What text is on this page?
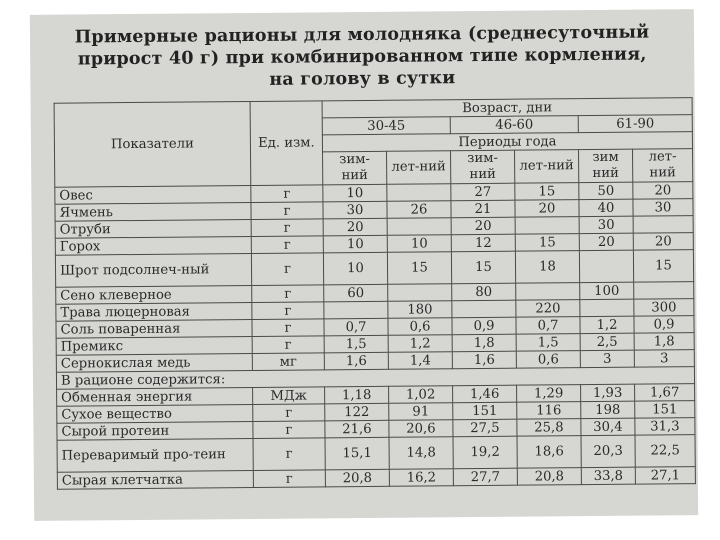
Примерные рационы для молодняка (среднесуточный
прирост 40 г) при комбинированном типе кормления,
на голову в сутки
Показатели	Ед. изм.	Возраст, дни					
		30-45		46-60		61-90	
		Периоды года					
		зим-ний	лет-ний	зим-ний	лет-ний	зим ний	лет-ний
Овес	г	10		27	15	50	20
Ячмень	г	30	26	21	20	40	30
Отруби	г	20		20		30	
Горох	г	10	10	12	15	20	20
Шрот подсолнеч-ный	г	10	15	15	18		15
Сено клеверное	г	60		80		100	
Трава люцерновая	г		180		220		300
Соль поваренная	г	0,7	0,6	0,9	0,7	1,2	0,9
Премикс	г	1,5	1,2	1,8	1,5	2,5	1,8
Сернокислая медь	мг	1,6	1,4	1,6	0,6	3	3
В рационе содержится:							
Обменная энергия	МДж	1,18	1,02	1,46	1,29	1,93	1,67
Сухое вещество	г	122	91	151	116	198	151
Сырой протеин	г	21,6	20,6	27,5	25,8	30,4	31,3
Переваримый про-теин	г	15,1	14,8	19,2	18,6	20,3	22,5
Сырая клетчатка	г	20,8	16,2	27,7	20,8	33,8	27,1
